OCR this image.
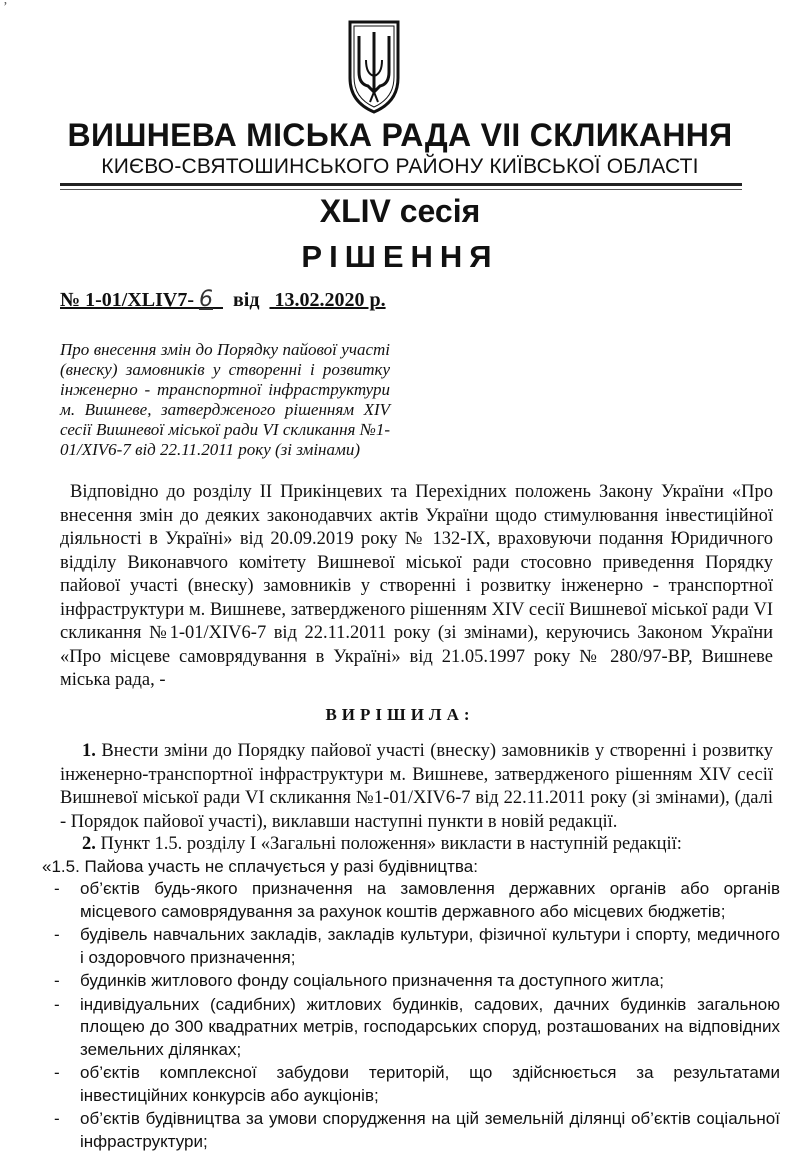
ʼ
ВИШНЕВА МІСЬКА РАДА VII СКЛИКАННЯ
КИЄВО-СВЯТОШИНСЬКОГО РАЙОНУ КИЇВСЬКОЇ ОБЛАСТІ
XLIV сесія
РІШЕННЯ
№ 1-01/XLIV7- 6 від 13.02.2020 р.
Про внесення змін до Порядку пайової участі (внеску) замовників у створенні і розвитку інженерно - транспортної інфраструктури м. Вишневе, затвердженого рішенням XIV сесії Вишневої міської ради VI скликання №1-01/XIV6-7 від 22.11.2011 року (зі змінами)
Відповідно до розділу II Прикінцевих та Перехідних положень Закону України «Про внесення змін до деяких законодавчих актів України щодо стимулювання інвестиційної діяльності в Україні» від 20.09.2019 року № 132-IX, враховуючи подання Юридичного відділу Виконавчого комітету Вишневої міської ради стосовно приведення Порядку пайової участі (внеску) замовників у створенні і розвитку інженерно - транспортної інфраструктури м. Вишневе, затвердженого рішенням XIV сесії Вишневої міської ради VI скликання №1-01/XIV6-7 від 22.11.2011 року (зі змінами), керуючись Законом України «Про місцеве самоврядування в Україні» від 21.05.1997 року № 280/97-ВР, Вишневе міська рада, -
ВИРІШИЛА:
1. Внести зміни до Порядку пайової участі (внеску) замовників у створенні і розвитку інженерно-транспортної інфраструктури м. Вишневе, затвердженого рішенням XIV сесії Вишневої міської ради VI скликання №1-01/XIV6-7 від 22.11.2011 року (зі змінами), (далі - Порядок пайової участі), виклавши наступні пункти в новій редакції.
2. Пункт 1.5. розділу I «Загальні положення» викласти в наступній редакції:
«1.5. Пайова участь не сплачується у разі будівництва:
- об’єктів будь-якого призначення на замовлення державних органів або органів місцевого самоврядування за рахунок коштів державного або місцевих бюджетів;
- будівель навчальних закладів, закладів культури, фізичної культури і спорту, медичного і оздоровчого призначення;
- будинків житлового фонду соціального призначення та доступного житла;
- індивідуальних (садибних) житлових будинків, садових, дачних будинків загальною площею до 300 квадратних метрів, господарських споруд, розташованих на відповідних земельних ділянках;
- об’єктів комплексної забудови територій, що здійснюється за результатами інвестиційних конкурсів або аукціонів;
- об’єктів будівництва за умови спорудження на цій земельній ділянці об’єктів соціальної інфраструктури;
